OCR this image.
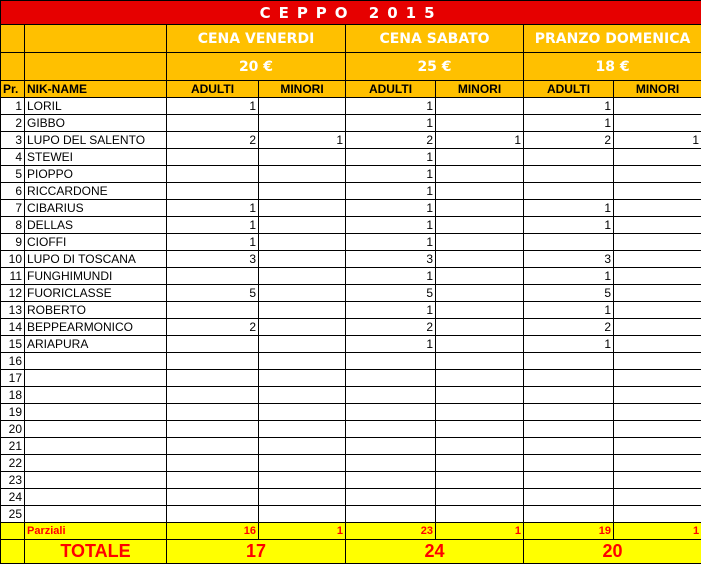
CEPPO 2015							
		CENA VENERDI		CENA SABATO		PRANZO DOMENICA	
		20 €		25 €		18 €	
Pr.	NIK-NAME	ADULTI	MINORI	ADULTI	MINORI	ADULTI	MINORI
1	LORIL	1		1		1	
2	GIBBO			1		1	
3	LUPO DEL SALENTO	2	1	2	1	2	1
4	STEWEI			1			
5	PIOPPO			1			
6	RICCARDONE			1			
7	CIBARIUS	1		1		1	
8	DELLAS	1		1		1	
9	CIOFFI	1		1			
10	LUPO DI TOSCANA	3		3		3	
11	FUNGHIMUNDI			1		1	
12	FUORICLASSE	5		5		5	
13	ROBERTO			1		1	
14	BEPPEARMONICO	2		2		2	
15	ARIAPURA			1		1	
16							
17							
18							
19							
20							
21							
22							
23							
24							
25							
	Parziali	16	1	23	1	19	1
	TOTALE	17		24		20	
